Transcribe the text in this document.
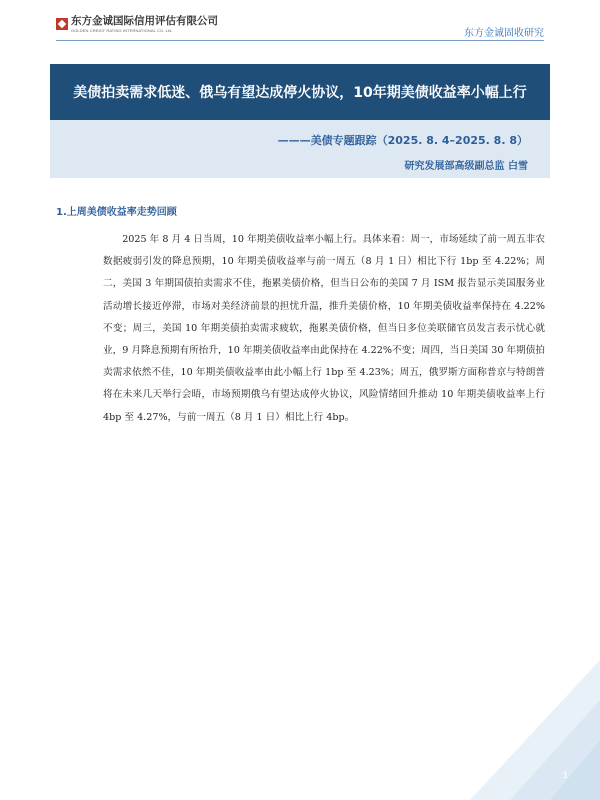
东方金诚国际信用评估有限公司
GOLDEN CREDIT RATING INTERNATIONAL CO.,Ltd.	东方金诚固收研究
美债拍卖需求低迷、俄乌有望达成停火协议，10年期美债收益率小幅上行
———美债专题跟踪（2025. 8. 4–2025. 8. 8）
研究发展部高级副总监 白雪
1.上周美债收益率走势回顾

2025 年 8 月 4 日当周，10 年期美债收益率小幅上行。具体来看：周一，市场延续了前一周五非农数据疲弱引发的降息预期，10 年期美债收益率与前一周五（8 月 1 日）相比下行 1bp 至 4.22%；周二，美国 3 年期国债拍卖需求不佳，拖累美债价格，但当日公布的美国 7 月 ISM 报告显示美国服务业活动增长接近停滞，市场对美经济前景的担忧升温，推升美债价格，10 年期美债收益率保持在 4.22%不变；周三，美国 10 年期美债拍卖需求疲软，拖累美债价格，但当日多位美联储官员发言表示忧心就业，9 月降息预期有所抬升，10 年期美债收益率由此保持在 4.22%不变；周四，当日美国 30 年期债拍卖需求依然不佳，10 年期美债收益率由此小幅上行 1bp 至 4.23%；周五，俄罗斯方面称普京与特朗普将在未来几天举行会晤，市场预期俄乌有望达成停火协议，风险情绪回升推动 10 年期美债收益率上行 4bp 至 4.27%，与前一周五（8 月 1 日）相比上行 4bp。

1
